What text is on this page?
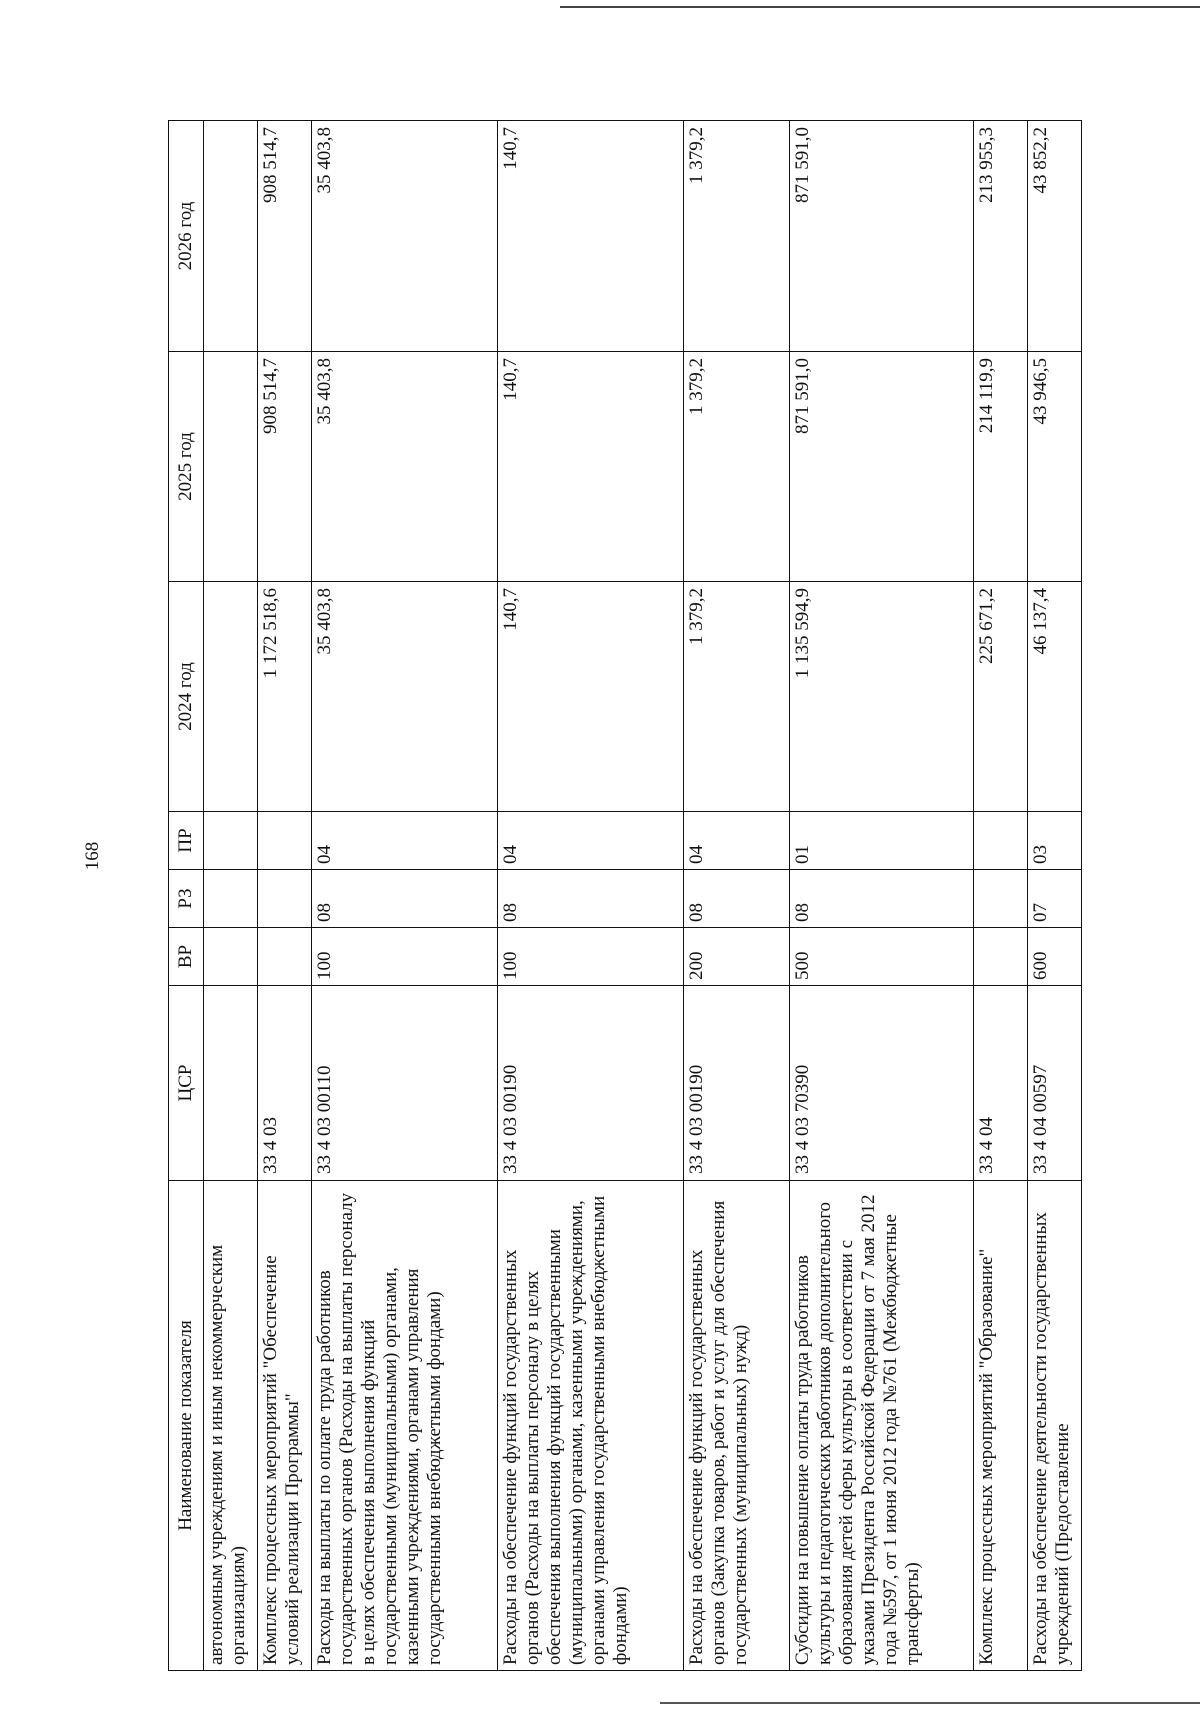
168
Наименование показателя	ЦСР	ВР	РЗ	ПР	2024 год	2025 год	2026 год
автономным учреждениям и иным некоммерческим организациям)							
Комплекс процессных мероприятий "Обеспечение условий реализации Программы"	33 4 03				1 172 518,6	908 514,7	908 514,7
Расходы на выплаты по оплате труда работников государственных органов (Расходы на выплаты персоналу в целях обеспечения выполнения функций государственными (муниципальными) органами, казенными учреждениями, органами управления государственными внебюджетными фондами)	33 4 03 00110	100	08	04	35 403,8	35 403,8	35 403,8
Расходы на обеспечение функций государственных органов (Расходы на выплаты персоналу в целях обеспечения выполнения функций государственными (муниципальными) органами, казенными учреждениями, органами управления государственными внебюджетными фондами)	33 4 03 00190	100	08	04	140,7	140,7	140,7
Расходы на обеспечение функций государственных органов (Закупка товаров, работ и услуг для обеспечения государственных (муниципальных) нужд)	33 4 03 00190	200	08	04	1 379,2	1 379,2	1 379,2
Субсидии на повышение оплаты труда работников культуры и педагогических работников дополнительного образования детей сферы культуры в соответствии с указами Президента Российской Федерации от 7 мая 2012 года №597, от 1 июня 2012 года №761 (Межбюджетные трансферты)	33 4 03 70390	500	08	01	1 135 594,9	871 591,0	871 591,0
Комплекс процессных мероприятий "Образование"	33 4 04				225 671,2	214 119,9	213 955,3
Расходы на обеспечение деятельности государственных учреждений (Предоставление	33 4 04 00597	600	07	03	46 137,4	43 946,5	43 852,2
